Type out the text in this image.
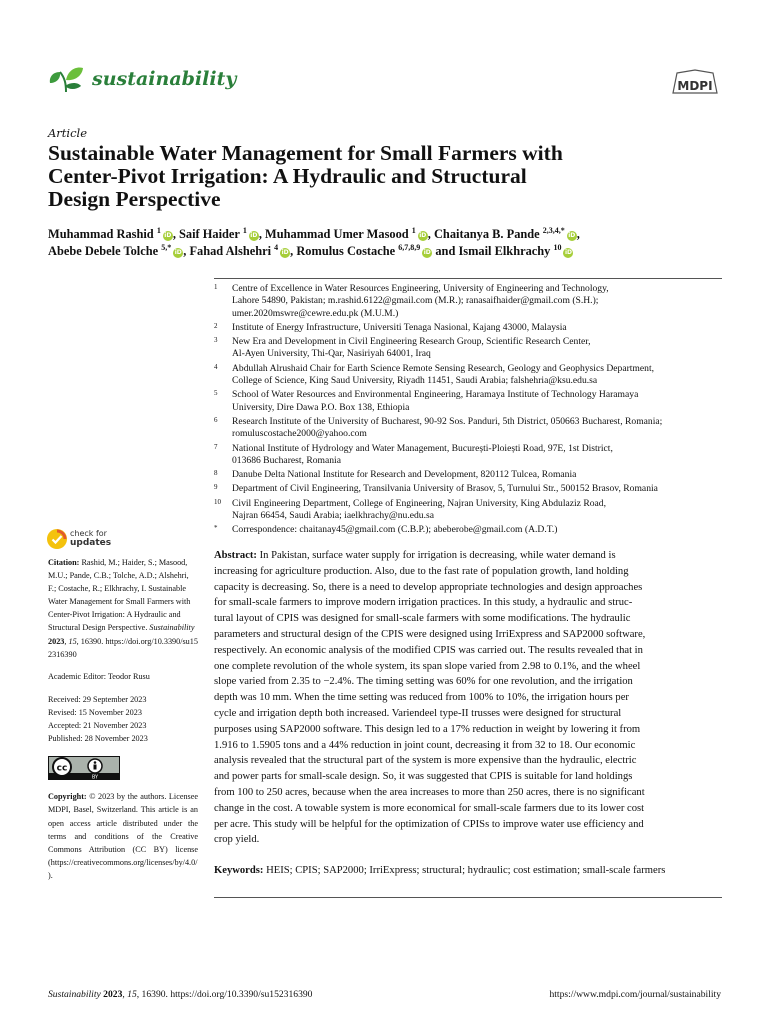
sustainability	MDPI
Article
Sustainable Water Management for Small Farmers with
Center-Pivot Irrigation: A Hydraulic and Structural
Design Perspective
Muhammad Rashid $^1$iD, Saif Haider $^1$iD, Muhammad Umer Masood $^1$iD, Chaitanya B. Pande $^{2,3,4,*}$iD,
Abebe Debele Tolche $^{5,*}$iD, Fahad Alshehri $^4$iD, Romulus Costache $^{6,7,8,9}$iD and Ismail Elkhrachy $^{10}$iD
1 Centre of Excellence in Water Resources Engineering, University of Engineering and Technology,
Lahore 54890, Pakistan; m.rashid.6122@gmail.com (M.R.); ranasaifhaider@gmail.com (S.H.);
umer.2020mswre@cewre.edu.pk (M.U.M.)
2 Institute of Energy Infrastructure, Universiti Tenaga Nasional, Kajang 43000, Malaysia
3 New Era and Development in Civil Engineering Research Group, Scientific Research Center,
Al-Ayen University, Thi-Qar, Nasiriyah 64001, Iraq
4 Abdullah Alrushaid Chair for Earth Science Remote Sensing Research, Geology and Geophysics Department,
College of Science, King Saud University, Riyadh 11451, Saudi Arabia; falshehria@ksu.edu.sa
5 School of Water Resources and Environmental Engineering, Haramaya Institute of Technology Haramaya
University, Dire Dawa P.O. Box 138, Ethiopia
6 Research Institute of the University of Bucharest, 90-92 Sos. Panduri, 5th District, 050663 Bucharest, Romania;
romuluscostache2000@yahoo.com
7 National Institute of Hydrology and Water Management, București-Ploiești Road, 97E, 1st District,
013686 Bucharest, Romania
8 Danube Delta National Institute for Research and Development, 820112 Tulcea, Romania
9 Department of Civil Engineering, Transilvania University of Brasov, 5, Turnului Str., 500152 Brasov, Romania
10 Civil Engineering Department, College of Engineering, Najran University, King Abdulaziz Road,
Najran 66454, Saudi Arabia; iaelkhrachy@nu.edu.sa
* Correspondence: chaitanay45@gmail.com (C.B.P.); abeberobe@gmail.com (A.D.T.)
check for
updates

Citation: Rashid, M.; Haider, S.; Masood, M.U.; Pande, C.B.; Tolche, A.D.; Alshehri, F.; Costache, R.; Elkhrachy, I. Sustainable Water Management for Small Farmers with Center-Pivot Irrigation: A Hydraulic and Structural Design Perspective. Sustainability 2023, 15, 16390. https://doi.org/10.3390/su152316390

Academic Editor: Teodor Rusu

Received: 29 September 2023

Revised: 15 November 2023

Accepted: 21 November 2023

Published: 28 November 2023

cc
BY

Copyright: © 2023 by the authors. Licensee MDPI, Basel, Switzerland. This article is an open access article distributed under the terms and conditions of the Creative Commons Attribution (CC BY) license (https://creativecommons.org/licenses/by/4.0/).

Abstract: In Pakistan, surface water supply for irrigation is decreasing, while water demand is
increasing for agriculture production. Also, due to the fast rate of population growth, land holding
capacity is decreasing. So, there is a need to develop appropriate technologies and design approaches
for small-scale farmers to improve modern irrigation practices. In this study, a hydraulic and struc-
tural layout of CPIS was designed for small-scale farmers with some modifications. The hydraulic
parameters and structural design of the CPIS were designed using IrriExpress and SAP2000 software,
respectively. An economic analysis of the modified CPIS was carried out. The results revealed that in
one complete revolution of the whole system, its span slope varied from 2.98 to 0.1%, and the wheel
slope varied from 2.35 to −2.4%. The timing setting was 60% for one revolution, and the irrigation
depth was 10 mm. When the time setting was reduced from 100% to 10%, the irrigation hours per
cycle and irrigation depth both increased. Variendeel type-II trusses were designed for structural
purposes using SAP2000 software. This design led to a 17% reduction in weight by lowering it from
1.916 to 1.5905 tons and a 44% reduction in joint count, decreasing it from 32 to 18. Our economic
analysis revealed that the structural part of the system is more expensive than the hydraulic, electric
and power parts for small-scale design. So, it was suggested that CPIS is suitable for land holdings
from 100 to 250 acres, because when the area increases to more than 250 acres, there is no significant
change in the cost. A towable system is more economical for small-scale farmers due to its lower cost
per acre. This study will be helpful for the optimization of CPISs to improve water use efficiency and
crop yield.
Keywords: HEIS; CPIS; SAP2000; IrriExpress; structural; hydraulic; cost estimation; small-scale farmers
Sustainability 2023, 15, 16390. https://doi.org/10.3390/su152316390	https://www.mdpi.com/journal/sustainability
